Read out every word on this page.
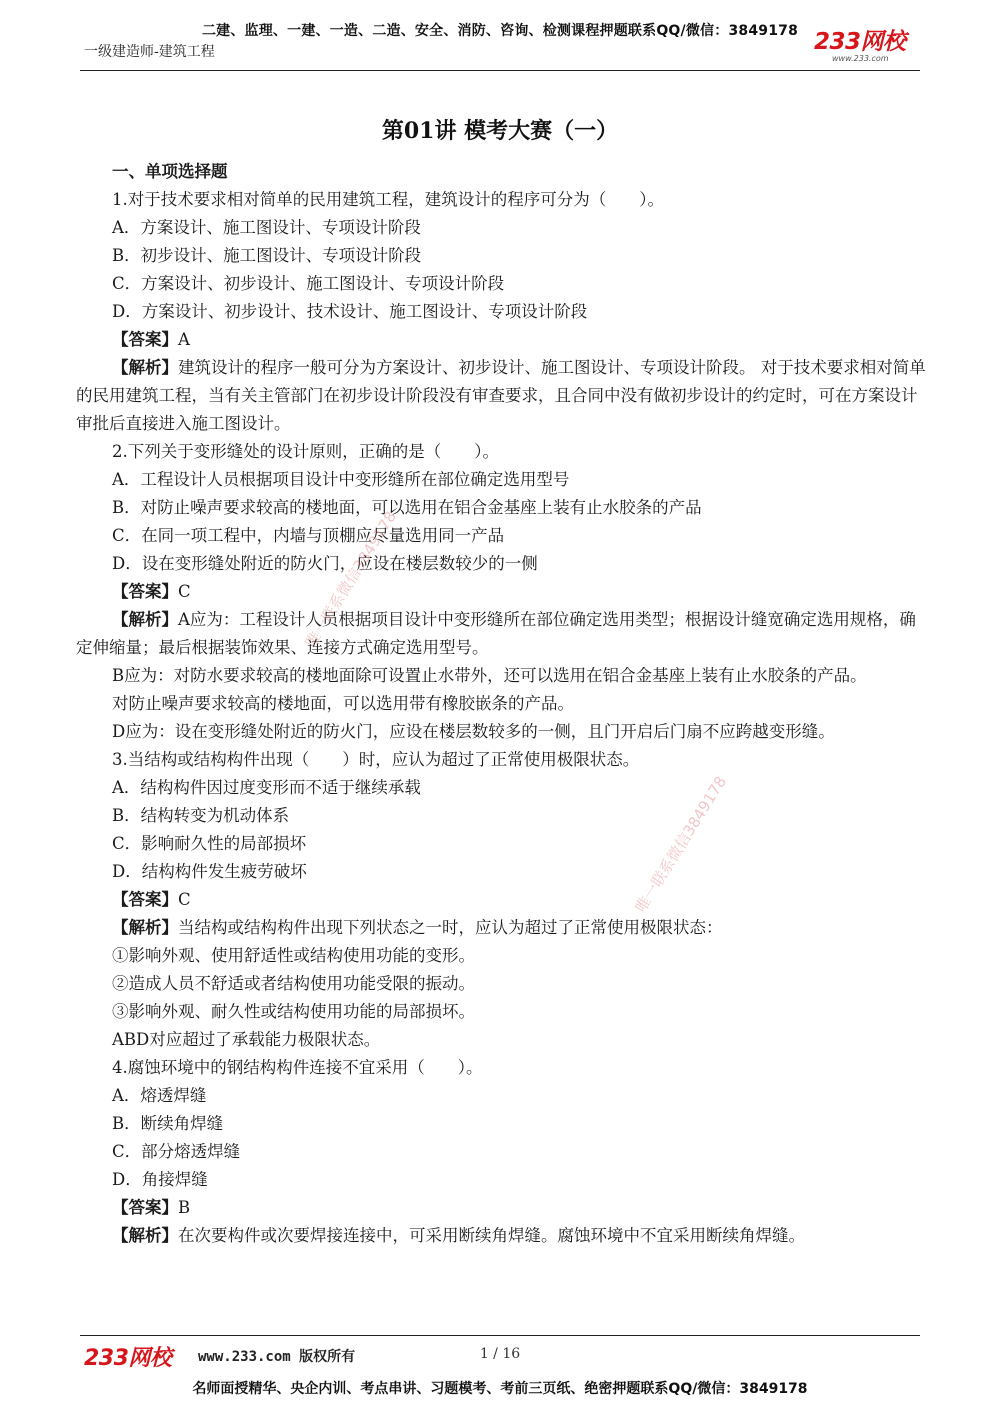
二建、监理、一建、一造、二造、安全、消防、咨询、检测课程押题联系QQ/微信：3849178
一级建造师-建筑工程	233网校
www.233.com
第01讲 模考大赛（一）
一、单项选择题
1.对于技术要求相对简单的民用建筑工程，建筑设计的程序可分为（　　）。
A．方案设计、施工图设计、专项设计阶段
B．初步设计、施工图设计、专项设计阶段
C．方案设计、初步设计、施工图设计、专项设计阶段
D．方案设计、初步设计、技术设计、施工图设计、专项设计阶段
【答案】A
【解析】建筑设计的程序一般可分为方案设计、初步设计、施工图设计、专项设计阶段。 对于技术要求相对简单的民用建筑工程，当有关主管部门在初步设计阶段没有审查要求，且合同中没有做初步设计的约定时，可在方案设计审批后直接进入施工图设计。
2.下列关于变形缝处的设计原则，正确的是（　　）。
A．工程设计人员根据项目设计中变形缝所在部位确定选用型号
B．对防止噪声要求较高的楼地面，可以选用在铝合金基座上装有止水胶条的产品
C．在同一项工程中，内墙与顶棚应尽量选用同一产品
D．设在变形缝处附近的防火门，应设在楼层数较少的一侧
【答案】C
【解析】A应为：工程设计人员根据项目设计中变形缝所在部位确定选用类型；根据设计缝宽确定选用规格，确定伸缩量；最后根据装饰效果、连接方式确定选用型号。
B应为：对防水要求较高的楼地面除可设置止水带外，还可以选用在铝合金基座上装有止水胶条的产品。
对防止噪声要求较高的楼地面，可以选用带有橡胶嵌条的产品。
D应为：设在变形缝处附近的防火门，应设在楼层数较多的一侧，且门开启后门扇不应跨越变形缝。
3.当结构或结构构件出现（　　）时，应认为超过了正常使用极限状态。
A．结构构件因过度变形而不适于继续承载
B．结构转变为机动体系
C．影响耐久性的局部损坏
D．结构构件发生疲劳破坏
【答案】C
【解析】当结构或结构构件出现下列状态之一时，应认为超过了正常使用极限状态：
①影响外观、使用舒适性或结构使用功能的变形。
②造成人员不舒适或者结构使用功能受限的振动。
③影响外观、耐久性或结构使用功能的局部损坏。
ABD对应超过了承载能力极限状态。
4.腐蚀环境中的钢结构构件连接不宜采用（　　）。
A．熔透焊缝
B．断续角焊缝
C．部分熔透焊缝
D．角接焊缝
【答案】B
【解析】在次要构件或次要焊接连接中，可采用断续角焊缝。腐蚀环境中不宜采用断续角焊缝。
唯一联系微信3849178
唯一联系微信3849178
233网校 www.233.com 版权所有	1 / 16
名师面授精华、央企内训、考点串讲、习题模考、考前三页纸、绝密押题联系QQ/微信：3849178
